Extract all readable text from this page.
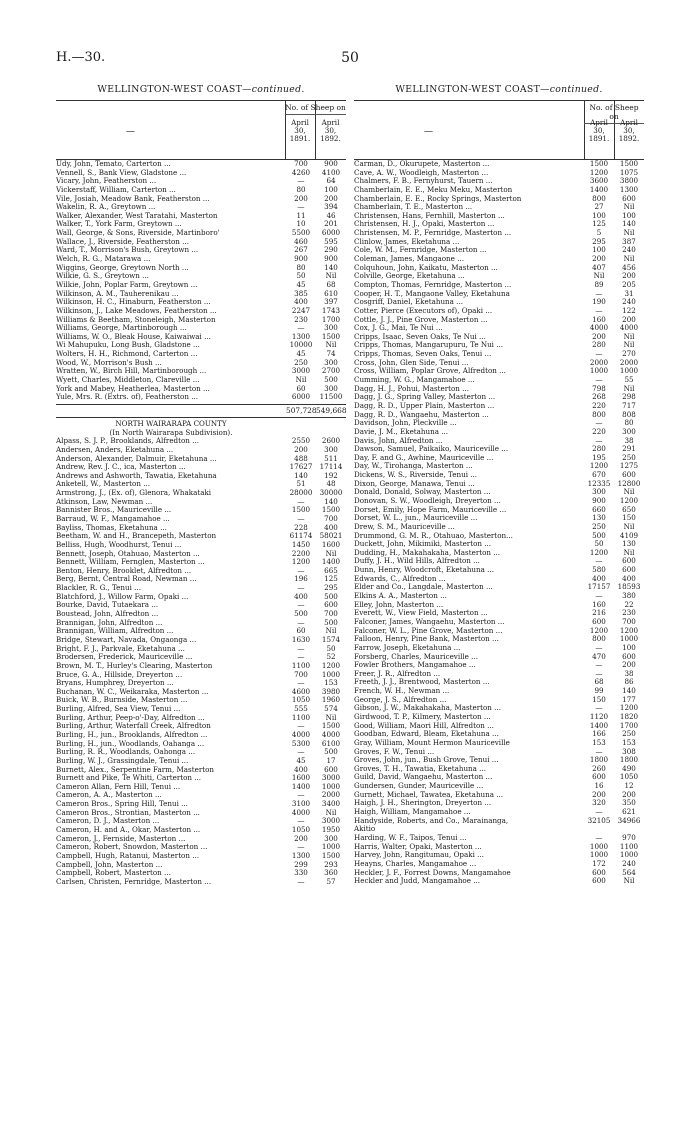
H.—30.	50
WELLINGTON-WEST COAST—continued.
—
No. of Sheep on
April 30, 1891.
April 30, 1892.
Udy, John, Temato, Carterton ...	700	900
Vennell, S., Bank View, Gladstone ...	4260	4100
Vicary, John, Featherston ...	—	64
Vickerstaff, William, Carterton ...	80	100
Vile, Josiah, Meadow Bank, Featherston ...	200	200
Wakelin, R. A., Greytown ...	—	394
Walker, Alexander, West Taratahi, Masterton	11	46
Walker, T., York Farm, Greytown ...	10	201
Wall, George, & Sons, Riverside, Martinboro'	5500	6000
Wallace, J., Riverside, Featherston ...	460	595
Ward, T., Morrison's Bush, Greytown ...	267	290
Welch, R. G., Matarawa ...	900	900
Wiggins, George, Greytown North ...	80	140
Wilkie, G. S., Greytown ...	50	Nil
Wilkie, John, Poplar Farm, Greytown ...	45	68
Wilkinson, A. M., Tauherenikau ...	385	610
Wilkinson, H. C., Hinaburn, Featherston ...	400	397
Wilkinson, J., Lake Meadows, Featherston ...	2247	1743
Williams & Beetham, Stoneleigh, Masterton	230	1700
Williams, George, Martinborough ...	—	300
Williams, W. O., Bleak House, Kaiwaiwai ...	1300	1500
Wi Mahupuku, Long Bush, Gladstone ...	10000	Nil
Wolters, H. H., Richmond, Carterton ...	45	74
Wood, W., Morrison's Bush ...	250	300
Wratten, W., Birch Hill, Martinborough ...	3000	2700
Wyett, Charles, Middleton, Clareville ...	Nil	500
York and Mabey, Heatherlea, Masterton ...	60	300
Yule, Mrs. R. (Extrs. of), Featherston ...	6000	11500
507,728 549,668
NORTH WAIRARAPA COUNTY
(In North Wairarapa Subdivision).
Alpass, S. J. P., Brooklands, Alfredton ...	2550	2600
Andersen, Anders, Eketahuna ...	200	300
Anderson, Alexander, Dalmuir, Eketahuna ...	488	511
Andrew, Rev. J. C., ica, Masterton ...	17627	17114
Andrews and Ashworth, Tawatia, Eketahuna	140	192
Anketell, W., Masterton ...	51	48
Armstrong, J., (Ex. of), Glenora, Whakataki	28000	30000
Atkinson, Law, Newman ...	—	140
Bannister Bros., Mauriceville ...	1500	1500
Barraud, W. F., Mangamahoe ...	—	700
Bayliss, Thomas, Eketahuna ...	228	400
Beetham, W. and H., Brancepeth, Masterton	61174	58021
Belliss, Hugh, Woodhurst, Tenui ...	1450	1600
Bennett, Joseph, Otahuao, Masterton ...	2200	Nil
Bennett, William, Fernglen, Masterton ...	1200	1400
Benton, Henry, Brooklet, Alfredton ...	—	665
Berg, Bernt, Central Road, Newman ...	196	125
Blackler, R. G., Tenui ...	—	295
Blatchford, J., Willow Farm, Opaki ...	400	500
Bourke, David, Tutaekara ...	—	600
Boustead, John, Alfredton ...	500	700
Brannigan, John, Alfredton ...	—	500
Brannigan, William, Alfredton ...	60	Nil
Bridge, Stewart, Navada, Ongaonga ...	1630	1574
Bright, F. J., Parkvale, Eketahuna ...	—	50
Brodersen, Frederick, Mauriceville ...	—	52
Brown, M. T., Hurley's Clearing, Masterton	1100	1200
Bruce, G. A., Hillside, Dreyerton ...	700	1000
Bryans, Humphrey, Dreyerton ...	—	153
Buchanan, W. C., Weikaraka, Masterton ...	4600	3980
Buick, W. B., Burnside, Masterton ...	1050	1960
Burling, Alfred, Sea View, Tenui ...	555	574
Burling, Arthur, Peep-o'-Day, Alfredton ...	1100	Nil
Burling, Arthur, Waterfall Creek, Alfredton	—	1500
Burling, H., jun., Brooklands, Alfredton ...	4000	4000
Burling, H., jun., Woodlands, Oahanga ...	5300	6100
Burling, R. R., Woodlands, Oahonga ...	—	500
Burling, W. J., Grassingdale, Tenui ...	45	17
Burnett, Alex., Serpentine Farm, Masterton	400	600
Burnett and Pike, Te Whiti, Carterton ...	1600	3000
Cameron Allan, Fern Hill, Tenui ...	1400	1000
Cameron, A. A., Masterton ...	—	2000
Cameron Bros., Spring Hill, Tenui ...	3100	3400
Cameron Bros., Strontian, Masterton ...	4000	Nil
Cameron, D. J., Masterton ...	—	3000
Cameron, H. and A., Okar, Masterton ...	1050	1950
Cameron, J., Fernside, Masterton ...	200	300
Cameron, Robert, Snowdon, Masterton ...	—	1000
Campbell, Hugh, Ratanui, Masterton ...	1300	1500
Campbell, John, Masterton ...	299	293
Campbell, Robert, Masterton ...	330	360
Carlsen, Christen, Fernridge, Masterton ...	—	57
WELLINGTON-WEST COAST—continued.
—
No. of Sheep on
April 30, 1891.
April 30, 1892.
Carman, D., Okurupete, Masterton ...	1500	1500
Cave, A. W., Woodleigh, Masterton ...	1200	1075
Chalmers, F. B., Fernyhurst, Tauern ...	3600	3800
Chamberlain, E. E., Meku Meku, Masterton	1400	1300
Chamberlain, E. E., Rocky Springs, Masterton	800	600
Chamberlain, T. E., Masterton ...	27	Nil
Christensen, Hans, Fernhill, Masterton ...	100	100
Christensen, H. J., Opaki, Masterton ...	125	140
Christensen, M. P., Fernridge, Masterton ...	5	Nil
Clinlow, James, Eketahuna ...	295	387
Cole, W. M., Fernridge, Masterton ...	100	240
Coleman, James, Mangaone ...	200	Nil
Colquhoun, John, Kaikatu, Masterton ...	407	456
Colville, George, Eketahuna ...	Nil	200
Compton, Thomas, Fernridge, Masterton ...	89	205
Cooper, H. T., Mangaone Valley, Eketahuna	—	31
Cosgriff, Daniel, Eketahuna ...	190	240
Cotter, Pierce (Executors of), Opaki ...	—	122
Cottle, J. J., Pine Grove, Masterton ...	160	200
Cox, J. G., Mai, Te Nui ...	4000	4000
Cripps, Isaac, Seven Oaks, Te Nui ...	200	Nil
Cripps, Thomas, Mangarupuru, Te Nui ...	280	Nil
Cripps, Thomas, Seven Oaks, Tenui ...	—	270
Cross, John, Glen Side, Tenui ...	2000	2000
Cross, William, Poplar Grove, Alfredton ...	1000	1000
Cumming, W. G., Mangamahoe ...	—	55
Dagg, H. J., Pohui, Masterton ...	798	Nil
Dagg, J. G., Spring Valley, Masterton ...	268	298
Dagg, R. D., Upper Plain, Masterton ...	220	717
Dagg, R. D., Wangaehu, Masterton ...	800	808
Davidson, John, Pleckville ...	—	80
Davie, J. M., Eketahuna ...	220	300
Davis, John, Alfredton ...	—	38
Dawson, Samuel, Paikaiko, Mauriceville ...	280	291
Day, F. and G., Awhine, Mauriceville ...	195	250
Day, W., Tirohanga, Masterton ...	1200	1275
Dickens, W. S., Riverside, Tenui ...	670	600
Dixon, George, Manawa, Tenui ...	12335	12800
Donald, Donald, Solway, Masterton ...	300	Nil
Donovan, S. W., Woodleigh, Dreyerton ...	900	1200
Dorset, Emily, Hope Farm, Mauriceville ...	660	650
Dorset, W. L., jun., Mauriceville ...	130	150
Drew, S. M., Mauriceville ...	250	Nil
Drummond, G. M. R., Otahuao, Masterton...	500	4109
Duckett, John, Mikimiki, Masterton ...	50	130
Dudding, H., Makahakaha, Masterton ...	1200	Nil
Duffy, J. H., Wild Hills, Alfredton ...	—	600
Dunn, Henry, Woodcroft, Eketahuna ...	580	600
Edwards, C., Alfredton ...	400	400
Elder and Co., Langdale, Masterton ...	17157	18593
Elkins A. A., Masterton ...	—	380
Elley, John, Masterton ...	160	22
Everett, W., View Field, Masterton ...	216	230
Falconer, James, Wangaehu, Masterton ...	600	700
Falconer, W. L., Pine Grove, Masterton ...	1200	1200
Falloon, Henry, Pine Bank, Masterton ...	800	1000
Farrow, Joseph, Eketahuna ...	—	100
Forsberg, Charles, Mauriceville ...	470	600
Fowler Brothers, Mangamahoe ...	—	200
Freer, J. R., Alfredton ...	—	38
Freeth, J. J., Brentwood, Masterton ...	68	86
French, W. H., Newman ...	99	140
George, J. S., Alfredton ...	150	177
Gibson, J. W., Makahakaha, Masterton ...	—	1200
Girdwood, T. P., Kilmery, Masterton ...	1120	1820
Good, William, Maori Hill, Alfredton ...	1400	1700
Goodban, Edward, Bleam, Eketahuna ...	166	250
Gray, William, Mount Hermon Mauriceville	153	153
Groves, F. W., Tenui ...	—	308
Groves, John, jun., Bush Grove, Tenui ...	1800	1800
Groves, T. H., Tawatia, Eketahuna ...	260	490
Guild, David, Wangaehu, Masterton ...	600	1050
Gundersen, Gunder, Mauriceville ...	16	12
Gurnett, Michael, Tawatea, Eketahuna ...	200	200
Haigh, J. H., Sherington, Dreyerton ...	320	350
Haigh, William, Mangamahoe ...	—	621
Handyside, Roberts, and Co., Marainanga,	32105	34966
Akitio
Harding, W. F., Taipos, Tenui ...	—	970
Harris, Walter, Opaki, Masterton ...	1000	1100
Harvey, John, Rangitumau, Opaki ...	1000	1000
Heayns, Charles, Mangamahoe ...	172	240
Heckler, J. F., Forrest Downs, Mangamahoe	600	564
Heckler and Judd, Mangamahoe ...	600	Nil
